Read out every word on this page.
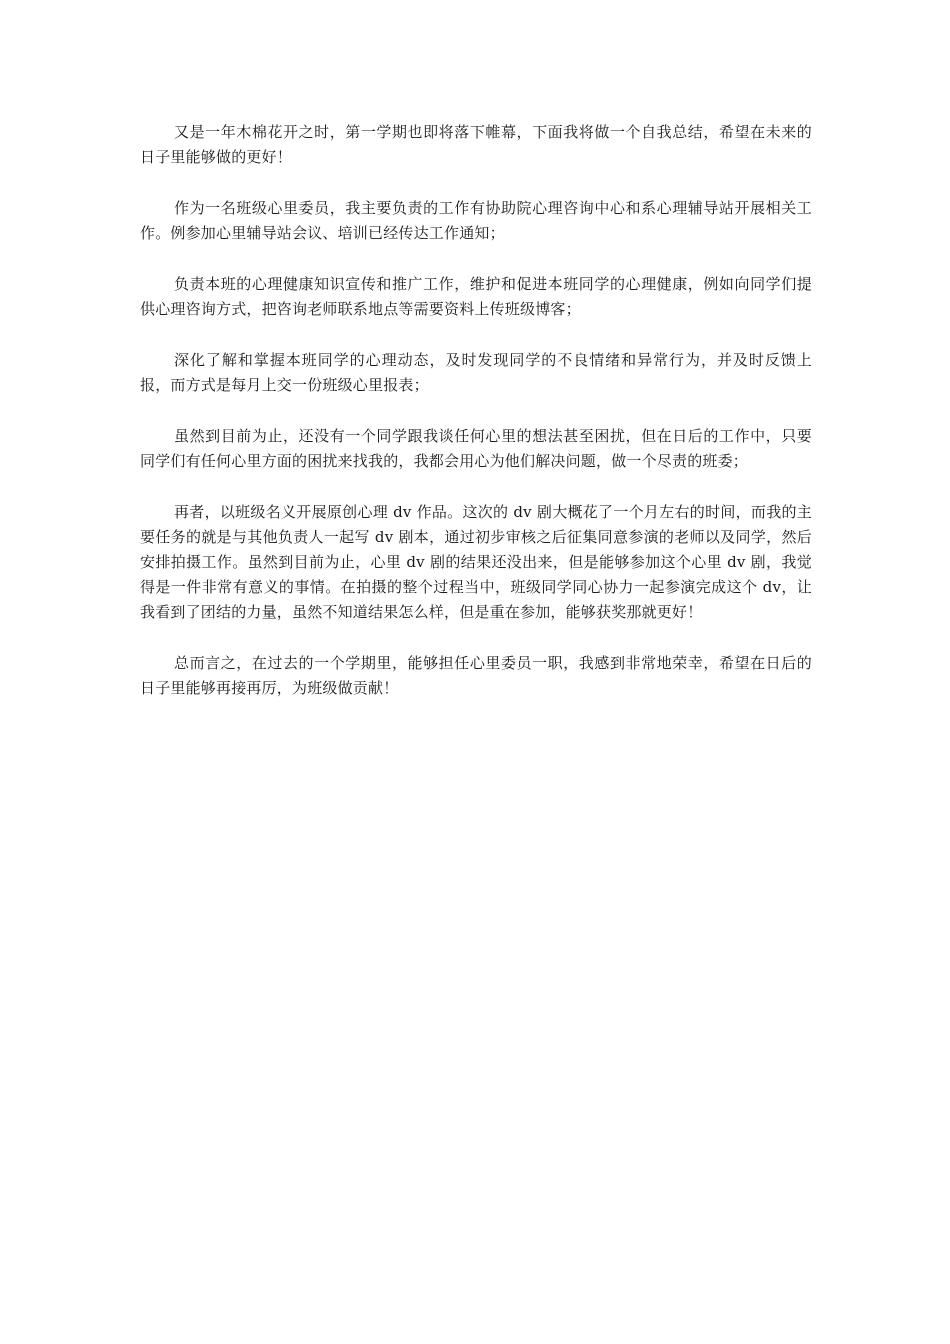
又是一年木棉花开之时，第一学期也即将落下帷幕，下面我将做一个自我总结，希望在未来的日子里能够做的更好！

作为一名班级心里委员，我主要负责的工作有协助院心理咨询中心和系心理辅导站开展相关工作。例参加心里辅导站会议、培训已经传达工作通知；

负责本班的心理健康知识宣传和推广工作，维护和促进本班同学的心理健康，例如向同学们提供心理咨询方式，把咨询老师联系地点等需要资料上传班级博客；

深化了解和掌握本班同学的心理动态，及时发现同学的不良情绪和异常行为，并及时反馈上报，而方式是每月上交一份班级心里报表；

虽然到目前为止，还没有一个同学跟我谈任何心里的想法甚至困扰，但在日后的工作中，只要同学们有任何心里方面的困扰来找我的，我都会用心为他们解决问题，做一个尽责的班委；

再者，以班级名义开展原创心理 dv 作品。这次的 dv 剧大概花了一个月左右的时间，而我的主要任务的就是与其他负责人一起写 dv 剧本，通过初步审核之后征集同意参演的老师以及同学，然后安排拍摄工作。虽然到目前为止，心里 dv 剧的结果还没出来，但是能够参加这个心里 dv 剧，我觉得是一件非常有意义的事情。在拍摄的整个过程当中，班级同学同心协力一起参演完成这个 dv，让我看到了团结的力量，虽然不知道结果怎么样，但是重在参加，能够获奖那就更好！

总而言之，在过去的一个学期里，能够担任心里委员一职，我感到非常地荣幸，希望在日后的日子里能够再接再厉，为班级做贡献！
